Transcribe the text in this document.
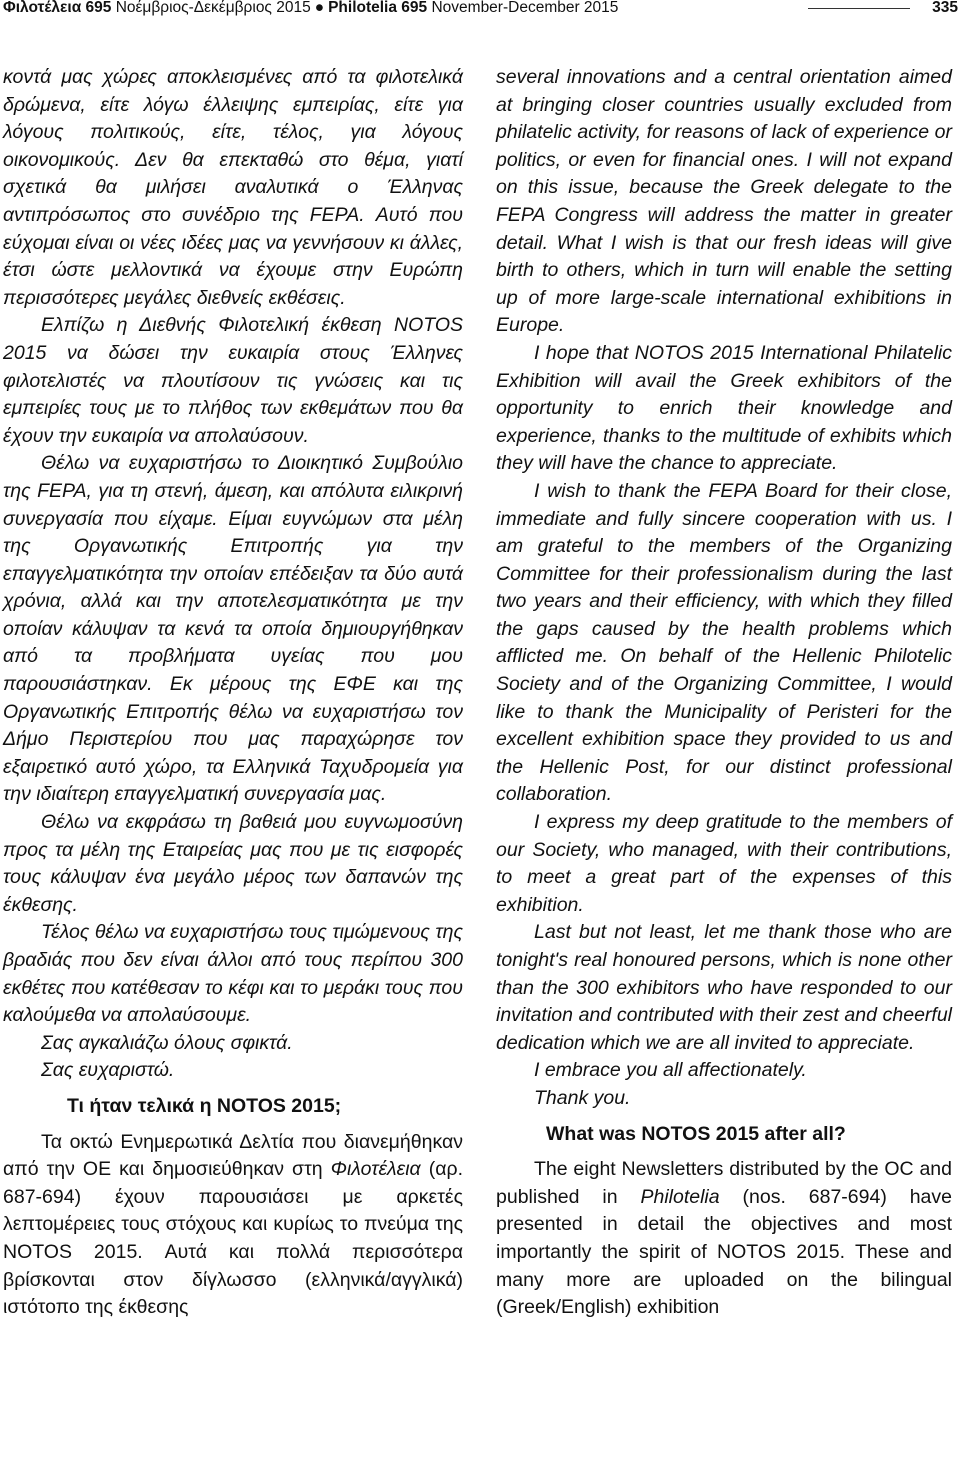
Φιλοτέλεια 695 Νοέμβριος-Δεκέμβριος 2015 ● Philotelia 695 November-December 2015	335

κοντά μας χώρες αποκλεισμένες από τα φιλοτελικά δρώμενα, είτε λόγω έλλειψης εμπειρίας, είτε για λόγους πολιτικούς, είτε, τέλος, για λόγους οικονομικούς. Δεν θα επεκταθώ στο θέμα, γιατί σχετικά θα μιλήσει αναλυτικά ο Έλληνας αντιπρόσωπος στο συνέδριο της FEPA. Αυτό που εύχομαι είναι οι νέες ιδέες μας να γεννήσουν κι άλλες, έτσι ώστε μελλοντικά να έχουμε στην Ευρώπη περισσότερες μεγάλες διεθνείς εκθέσεις.

Ελπίζω η Διεθνής Φιλοτελική έκθεση NOTOS 2015 να δώσει την ευκαιρία στους Έλληνες φιλοτελιστές να πλουτίσουν τις γνώσεις και τις εμπειρίες τους με το πλήθος των εκθεμάτων που θα έχουν την ευκαιρία να απολαύσουν.

Θέλω να ευχαριστήσω το Διοικητικό Συμβούλιο της FEPA, για τη στενή, άμεση, και απόλυτα ειλικρινή συνεργασία που είχαμε. Είμαι ευγνώμων στα μέλη της Οργανωτικής Επιτροπής για την επαγγελματικότητα την οποίαν επέδειξαν τα δύο αυτά χρόνια, αλλά και την αποτελεσματικότητα με την οποίαν κάλυψαν τα κενά τα οποία δημιουργήθηκαν από τα προβλήματα υγείας που μου παρουσιάστηκαν. Εκ μέρους της ΕΦΕ και της Οργανωτικής Επιτροπής θέλω να ευχαριστήσω τον Δήμο Περιστερίου που μας παραχώρησε τον εξαιρετικό αυτό χώρο, τα Ελληνικά Ταχυδρομεία για την ιδιαίτερη επαγγελματική συνεργασία μας.

Θέλω να εκφράσω τη βαθειά μου ευγνωμοσύνη προς τα μέλη της Εταιρείας μας που με τις εισφορές τους κάλυψαν ένα μεγάλο μέρος των δαπανών της έκθεσης.

Τέλος θέλω να ευχαριστήσω τους τιμώμενους της βραδιάς που δεν είναι άλλοι από τους περίπου 300 εκθέτες που κατέθεσαν το κέφι και το μεράκι τους που καλούμεθα να απολαύσουμε.

Σας αγκαλιάζω όλους σφικτά.

Σας ευχαριστώ.

Τι ήταν τελικά η NOTOS 2015;

Τα οκτώ Ενημερωτικά Δελτία που διανεμήθηκαν από την ΟΕ και δημοσιεύθηκαν στη Φιλοτέλεια (αρ. 687-694) έχουν παρουσιάσει με αρκετές λεπτομέρειες τους στόχους και κυρίως το πνεύμα της NOTOS 2015. Αυτά και πολλά περισσότερα βρίσκονται στον δίγλωσσο (ελληνικά/αγγλικά) ιστότοπο της έκθεσης

several innovations and a central orientation aimed at bringing closer countries usually excluded from philatelic activity, for reasons of lack of experience or politics, or even for financial ones. I will not expand on this issue, because the Greek delegate to the FEPA Congress will address the matter in greater detail. What I wish is that our fresh ideas will give birth to others, which in turn will enable the setting up of more large-scale international exhibitions in Europe.

I hope that NOTOS 2015 International Philatelic Exhibition will avail the Greek exhibitors of the opportunity to enrich their knowledge and experience, thanks to the multitude of exhibits which they will have the chance to appreciate.

I wish to thank the FEPA Board for their close, immediate and fully sincere cooperation with us. I am grateful to the members of the Organizing Committee for their professionalism during the last two years and their efficiency, with which they filled the gaps caused by the health problems which afflicted me. On behalf of the Hellenic Philotelic Society and of the Organizing Committee, I would like to thank the Municipality of Peristeri for the excellent exhibition space they provided to us and the Hellenic Post, for our distinct professional collaboration.

I express my deep gratitude to the members of our Society, who managed, with their contributions, to meet a great part of the expenses of this exhibition.

Last but not least, let me thank those who are tonight's real honoured persons, which is none other than the 300 exhibitors who have responded to our invitation and contributed with their zest and cheerful dedication which we are all invited to appreciate.

I embrace you all affectionately.

Thank you.

What was NOTOS 2015 after all?

The eight Newsletters distributed by the OC and published in Philotelia (nos. 687-694) have presented in detail the objectives and most importantly the spirit of NOTOS 2015. These and many more are uploaded on the bilingual (Greek/English) exhibition
